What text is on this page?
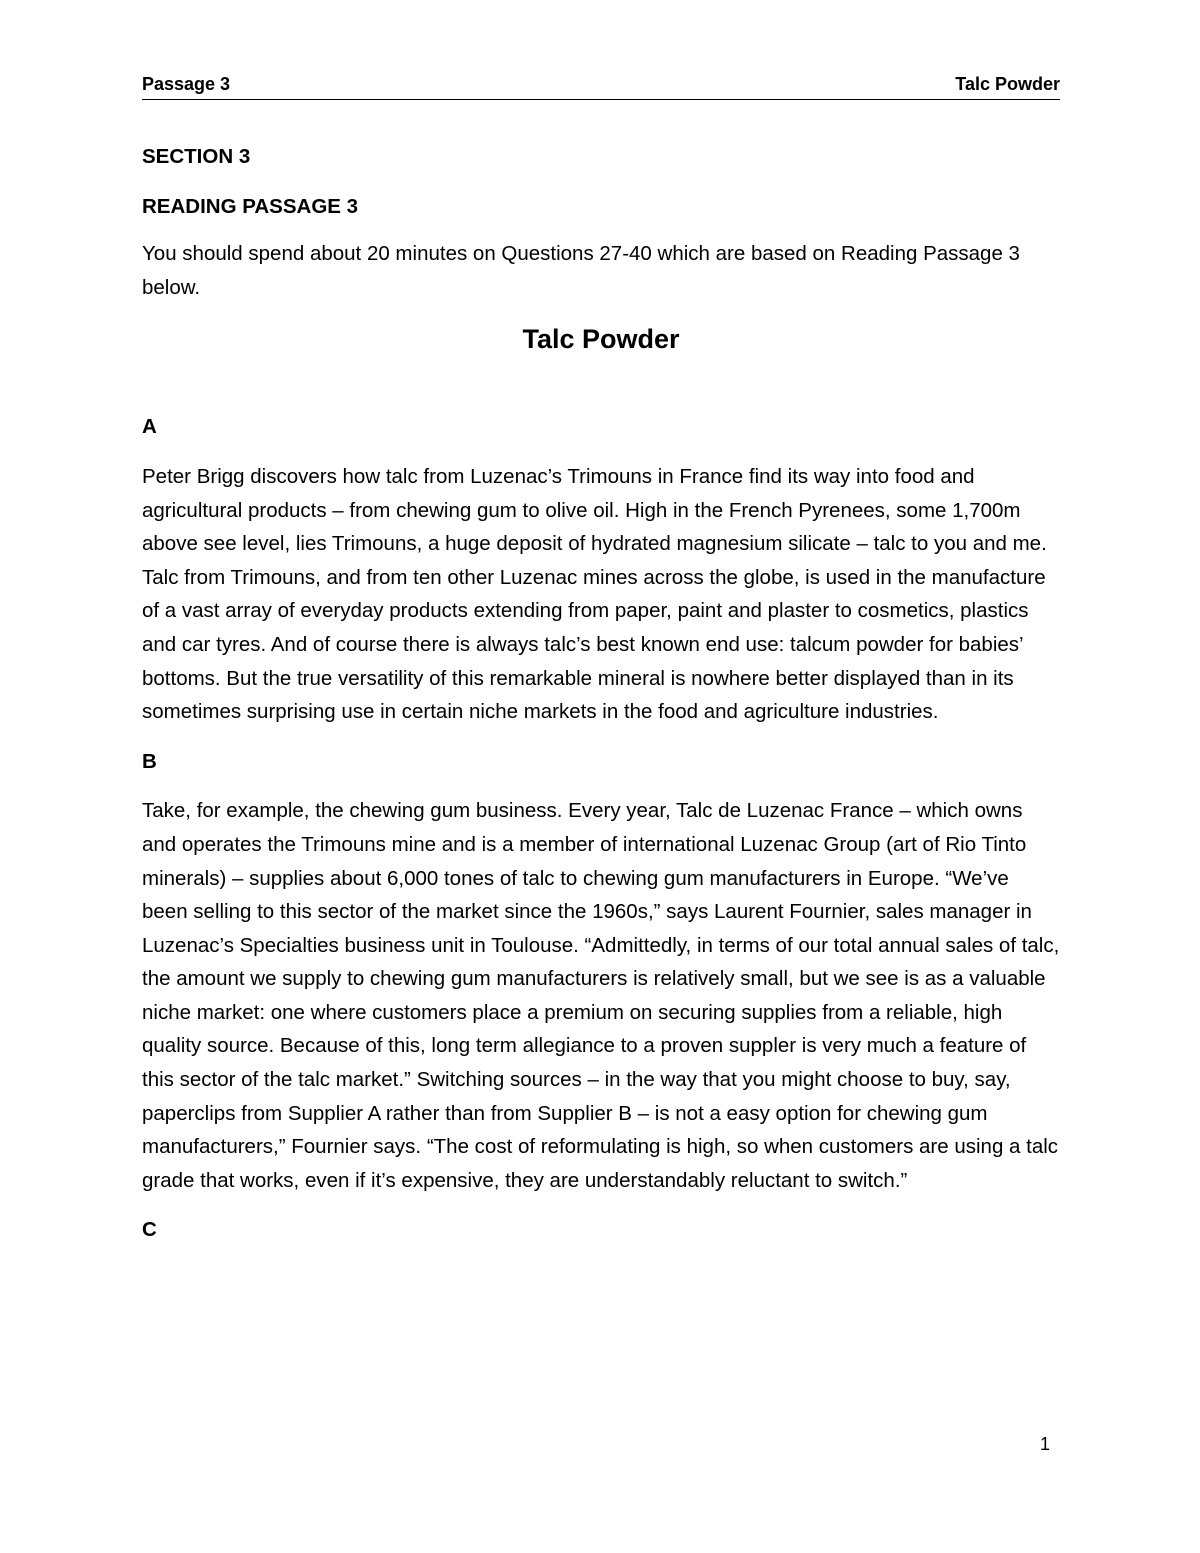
Passage 3	Talc Powder

SECTION 3

READING PASSAGE 3

You should spend about 20 minutes on Questions 27-40 which are based on Reading Passage 3 below.

Talc Powder

A

Peter Brigg discovers how talc from Luzenac’s Trimouns in France find its way into food and agricultural products – from chewing gum to olive oil. High in the French Pyrenees, some 1,700m above see level, lies Trimouns, a huge deposit of hydrated magnesium silicate – talc to you and me. Talc from Trimouns, and from ten other Luzenac mines across the globe, is used in the manufacture of a vast array of everyday products extending from paper, paint and plaster to cosmetics, plastics and car tyres. And of course there is always talc’s best known end use: talcum powder for babies’ bottoms. But the true versatility of this remarkable mineral is nowhere better displayed than in its sometimes surprising use in certain niche markets in the food and agriculture industries.

B

Take, for example, the chewing gum business. Every year, Talc de Luzenac France – which owns and operates the Trimouns mine and is a member of international Luzenac Group (art of Rio Tinto minerals) – supplies about 6,000 tones of talc to chewing gum manufacturers in Europe. “We’ve been selling to this sector of the market since the 1960s,” says Laurent Fournier, sales manager in Luzenac’s Specialties business unit in Toulouse. “Admittedly, in terms of our total annual sales of talc, the amount we supply to chewing gum manufacturers is relatively small, but we see is as a valuable niche market: one where customers place a premium on securing supplies from a reliable, high quality source. Because of this, long term allegiance to a proven suppler is very much a feature of this sector of the talc market.” Switching sources – in the way that you might choose to buy, say, paperclips from Supplier A rather than from Supplier B – is not a easy option for chewing gum manufacturers,” Fournier says. “The cost of reformulating is high, so when customers are using a talc grade that works, even if it’s expensive, they are understandably reluctant to switch.”

C

1
